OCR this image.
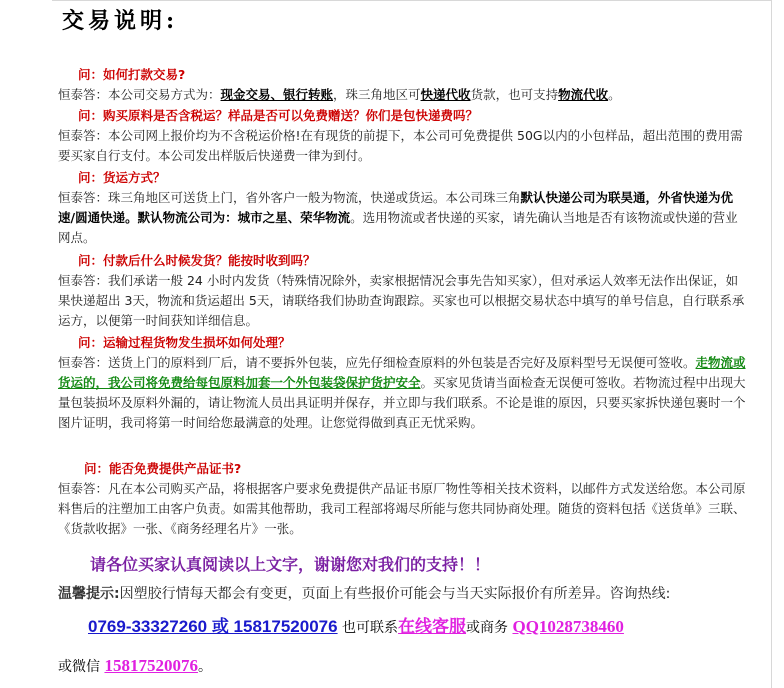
交易说明:
问：如何打款交易?
恒泰答：本公司交易方式为：现金交易、银行转账，珠三角地区可快递代收货款，也可支持物流代收。
问：购买原料是否含税运？样品是否可以免费赠送？你们是包快递费吗？
恒泰答：本公司网上报价均为不含税运价格!在有现货的前提下，本公司可免费提供 50G以内的小包样品，超出范围的费用需要买家自行支付。本公司发出样版后快递费一律为到付。
问：货运方式？
恒泰答：珠三角地区可送货上门，省外客户一般为物流，快递或货运。本公司珠三角默认快递公司为联昊通，外省快递为优速/圆通快递。默认物流公司为：城市之星、荣华物流。选用物流或者快递的买家，请先确认当地是否有该物流或快递的营业网点。
问：付款后什么时候发货？能按时收到吗？
恒泰答：我们承诺一般 24 小时内发货（特殊情况除外，卖家根据情况会事先告知买家），但对承运人效率无法作出保证，如果快递超出 3天，物流和货运超出 5天，请联络我们协助查询跟踪。买家也可以根据交易状态中填写的单号信息，自行联系承运方，以便第一时间获知详细信息。
问：运输过程货物发生损坏如何处理？
恒泰答：送货上门的原料到厂后，请不要拆外包装，应先仔细检查原料的外包装是否完好及原料型号无误便可签收。走物流或货运的，我公司将免费给每包原料加套一个外包装袋保护货护安全。买家见货请当面检查无误便可签收。若物流过程中出现大量包装损坏及原料外漏的，请让物流人员出具证明并保存，并立即与我们联系。不论是谁的原因，只要买家拆快递包裹时一个图片证明，我司将第一时间给您最满意的处理。让您觉得做到真正无忧采购。
问：能否免费提供产品证书?
恒泰答：凡在本公司购买产品，将根据客户要求免费提供产品证书原厂物性等相关技术资料，以邮件方式发送给您。本公司原料售后的注塑加工由客户负责。如需其他帮助，我司工程部将竭尽所能与您共同协商处理。随货的资料包括《送货单》三联、《货款收据》一张、《商务经理名片》一张。
请各位买家认真阅读以上文字，谢谢您对我们的支持！！
温馨提示:因塑胶行情每天都会有变更，页面上有些报价可能会与当天实际报价有所差异。咨询热线:
0769-33327260 或 15817520076 也可联系在线客服或商务 QQ1028738460
或微信 15817520076。
